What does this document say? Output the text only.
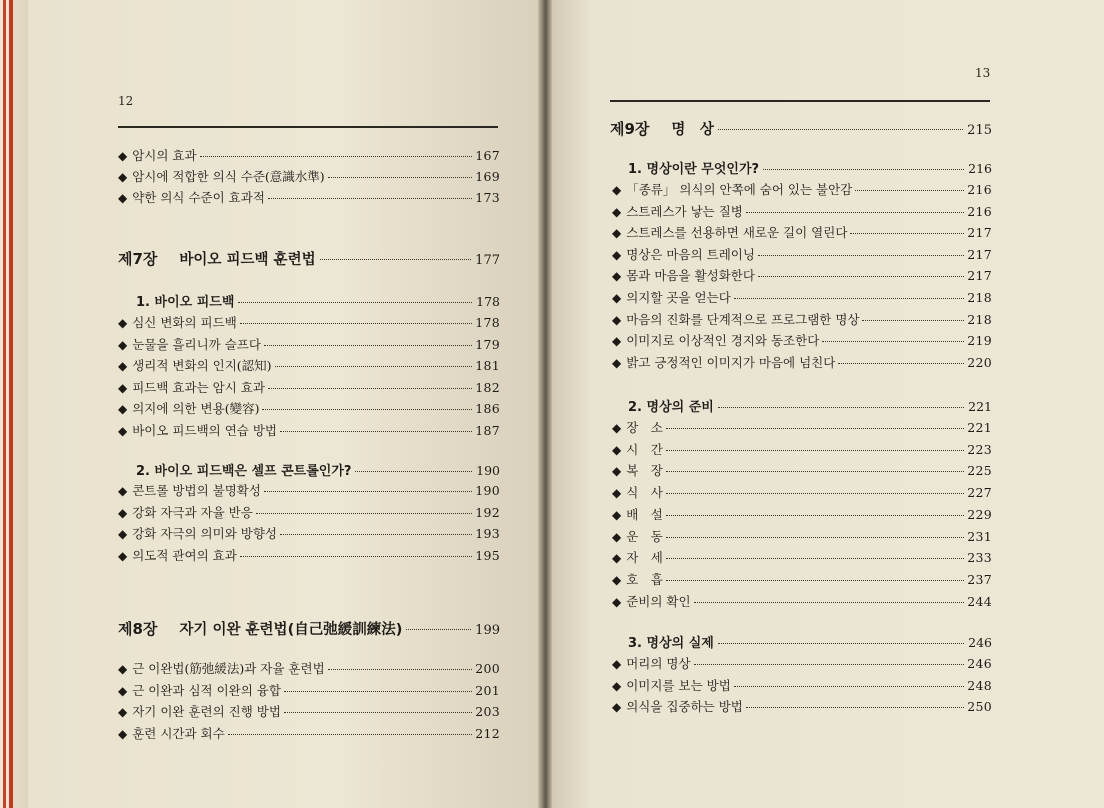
12
◆ 암시의 효과	167
◆ 암시에 적합한 의식 수준(意識水準)	169
◆ 약한 의식 수준이 효과적	173
제7장 바이오 피드백 훈련법	177
1. 바이오 피드백	178
◆ 심신 변화의 피드백	178
◆ 눈물을 흘리니까 슬프다	179
◆ 생리적 변화의 인지(認知)	181
◆ 피드백 효과는 암시 효과	182
◆ 의지에 의한 변용(變容)	186
◆ 바이오 피드백의 연습 방법	187
2. 바이오 피드백은 셀프 콘트롤인가?	190
◆ 콘트롤 방법의 불명확성	190
◆ 강화 자극과 자율 반응	192
◆ 강화 자극의 의미와 방향성	193
◆ 의도적 관여의 효과	195
제8장 자기 이완 훈련법(自己弛緩訓練法)	199
◆ 근 이완법(筋弛緩法)과 자율 훈련법	200
◆ 근 이완과 심적 이완의 융합	201
◆ 자기 이완 훈련의 진행 방법	203
◆ 훈련 시간과 회수	212
13
제9장 명　상	215
1. 명상이란 무엇인가?	216
◆ 「종류」 의식의 안쪽에 숨어 있는 불안감	216
◆ 스트레스가 낳는 질병	216
◆ 스트레스를 선용하면 새로운 길이 열린다	217
◆ 명상은 마음의 트레이닝	217
◆ 몸과 마음을 활성화한다	217
◆ 의지할 곳을 얻는다	218
◆ 마음의 진화를 단계적으로 프로그램한 명상	218
◆ 이미지로 이상적인 경지와 동조한다	219
◆ 밝고 긍정적인 이미지가 마음에 넘친다	220
2. 명상의 준비	221
◆ 장　소	221
◆ 시　간	223
◆ 복　장	225
◆ 식　사	227
◆ 배　설	229
◆ 운　동	231
◆ 자　세	233
◆ 호　흡	237
◆ 준비의 확인	244
3. 명상의 실제	246
◆ 머리의 명상	246
◆ 이미지를 보는 방법	248
◆ 의식을 집중하는 방법	250
